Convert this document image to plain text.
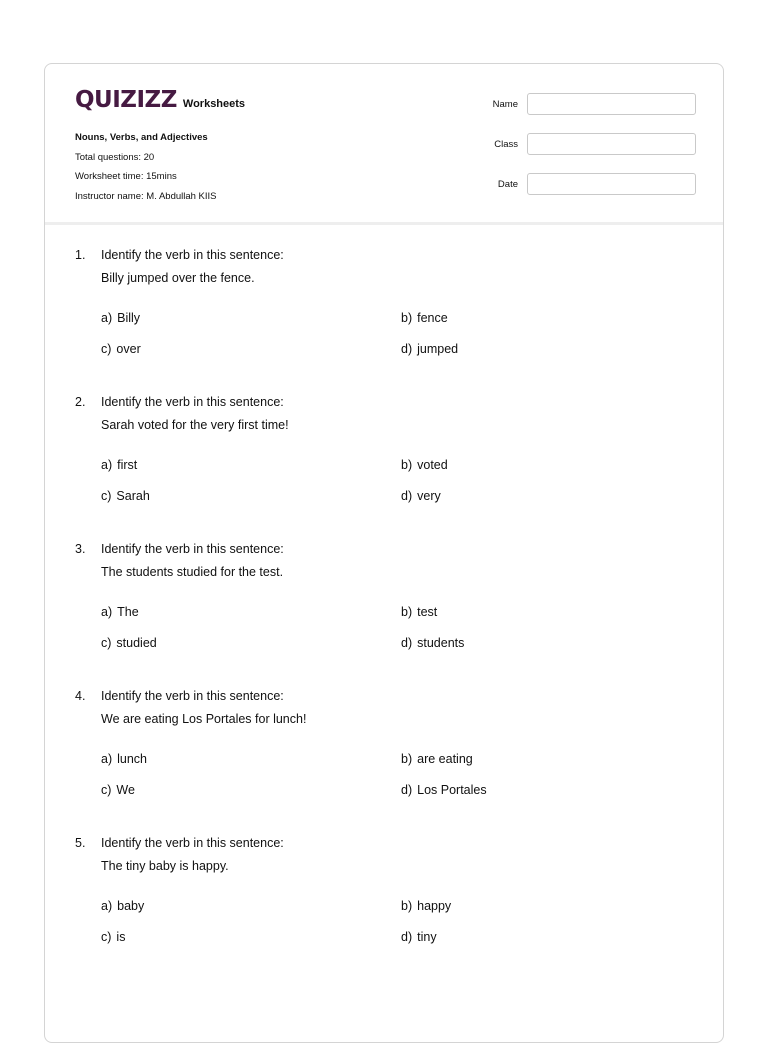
QUIZIZZ Worksheets
Nouns, Verbs, and Adjectives
Total questions: 20
Worksheet time: 15mins
Instructor name: M. Abdullah KIIS
Name
Class
Date
1. Identify the verb in this sentence:
Billy jumped over the fence.
a) Billy	b) fence
c) over	d) jumped
2. Identify the verb in this sentence:
Sarah voted for the very first time!
a) first	b) voted
c) Sarah	d) very
3. Identify the verb in this sentence:
The students studied for the test.
a) The	b) test
c) studied	d) students
4. Identify the verb in this sentence:
We are eating Los Portales for lunch!
a) lunch	b) are eating
c) We	d) Los Portales
5. Identify the verb in this sentence:
The tiny baby is happy.
a) baby	b) happy
c) is	d) tiny
